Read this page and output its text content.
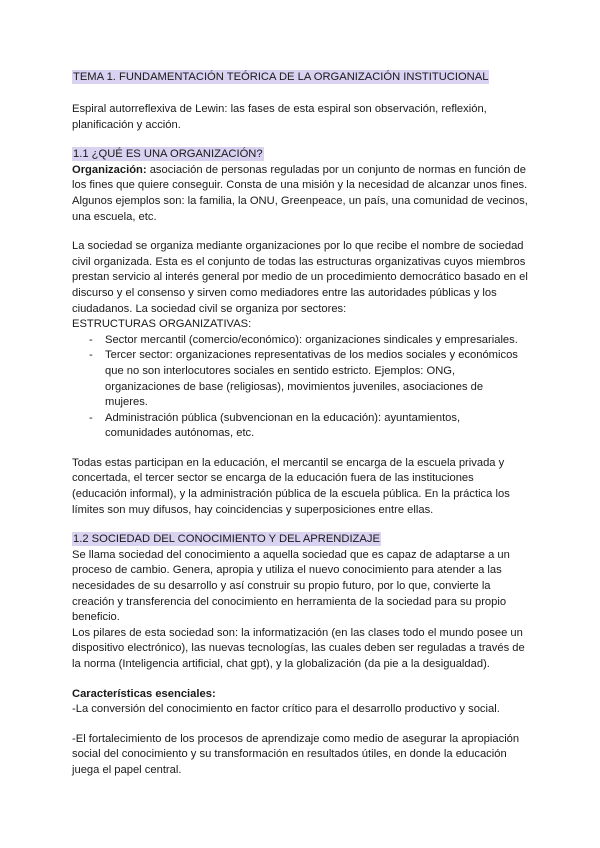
TEMA 1. FUNDAMENTACIÓN TEÓRICA DE LA ORGANIZACIÓN INSTITUCIONAL

Espiral autorreflexiva de Lewin: las fases de esta espiral son observación, reflexión, planificación y acción.

1.1 ¿QUÉ ES UNA ORGANIZACIÓN?

Organización: asociación de personas reguladas por un conjunto de normas en función de los fines que quiere conseguir. Consta de una misión y la necesidad de alcanzar unos fines. Algunos ejemplos son: la familia, la ONU, Greenpeace, un país, una comunidad de vecinos, una escuela, etc.

La sociedad se organiza mediante organizaciones por lo que recibe el nombre de sociedad civil organizada. Esta es el conjunto de todas las estructuras organizativas cuyos miembros prestan servicio al interés general por medio de un procedimiento democrático basado en el discurso y el consenso y sirven como mediadores entre las autoridades públicas y los ciudadanos. La sociedad civil se organiza por sectores:

ESTRUCTURAS ORGANIZATIVAS:

- Sector mercantil (comercio/económico): organizaciones sindicales y empresariales.
- Tercer sector: organizaciones representativas de los medios sociales y económicos que no son interlocutores sociales en sentido estricto. Ejemplos: ONG, organizaciones de base (religiosas), movimientos juveniles, asociaciones de mujeres.
- Administración pública (subvencionan en la educación): ayuntamientos, comunidades autónomas, etc.

Todas estas participan en la educación, el mercantil se encarga de la escuela privada y concertada, el tercer sector se encarga de la educación fuera de las instituciones (educación informal), y la administración pública de la escuela pública. En la práctica los límites son muy difusos, hay coincidencias y superposiciones entre ellas.

1.2 SOCIEDAD DEL CONOCIMIENTO Y DEL APRENDIZAJE

Se llama sociedad del conocimiento a aquella sociedad que es capaz de adaptarse a un proceso de cambio. Genera, apropia y utiliza el nuevo conocimiento para atender a las necesidades de su desarrollo y así construir su propio futuro, por lo que, convierte la creación y transferencia del conocimiento en herramienta de la sociedad para su propio beneficio.

Los pilares de esta sociedad son: la informatización (en las clases todo el mundo posee un dispositivo electrónico), las nuevas tecnologías, las cuales deben ser reguladas a través de la norma (Inteligencia artificial, chat gpt), y la globalización (da pie a la desigualdad).

Características esenciales:

-La conversión del conocimiento en factor crítico para el desarrollo productivo y social.

-El fortalecimiento de los procesos de aprendizaje como medio de asegurar la apropiación social del conocimiento y su transformación en resultados útiles, en donde la educación juega el papel central.
